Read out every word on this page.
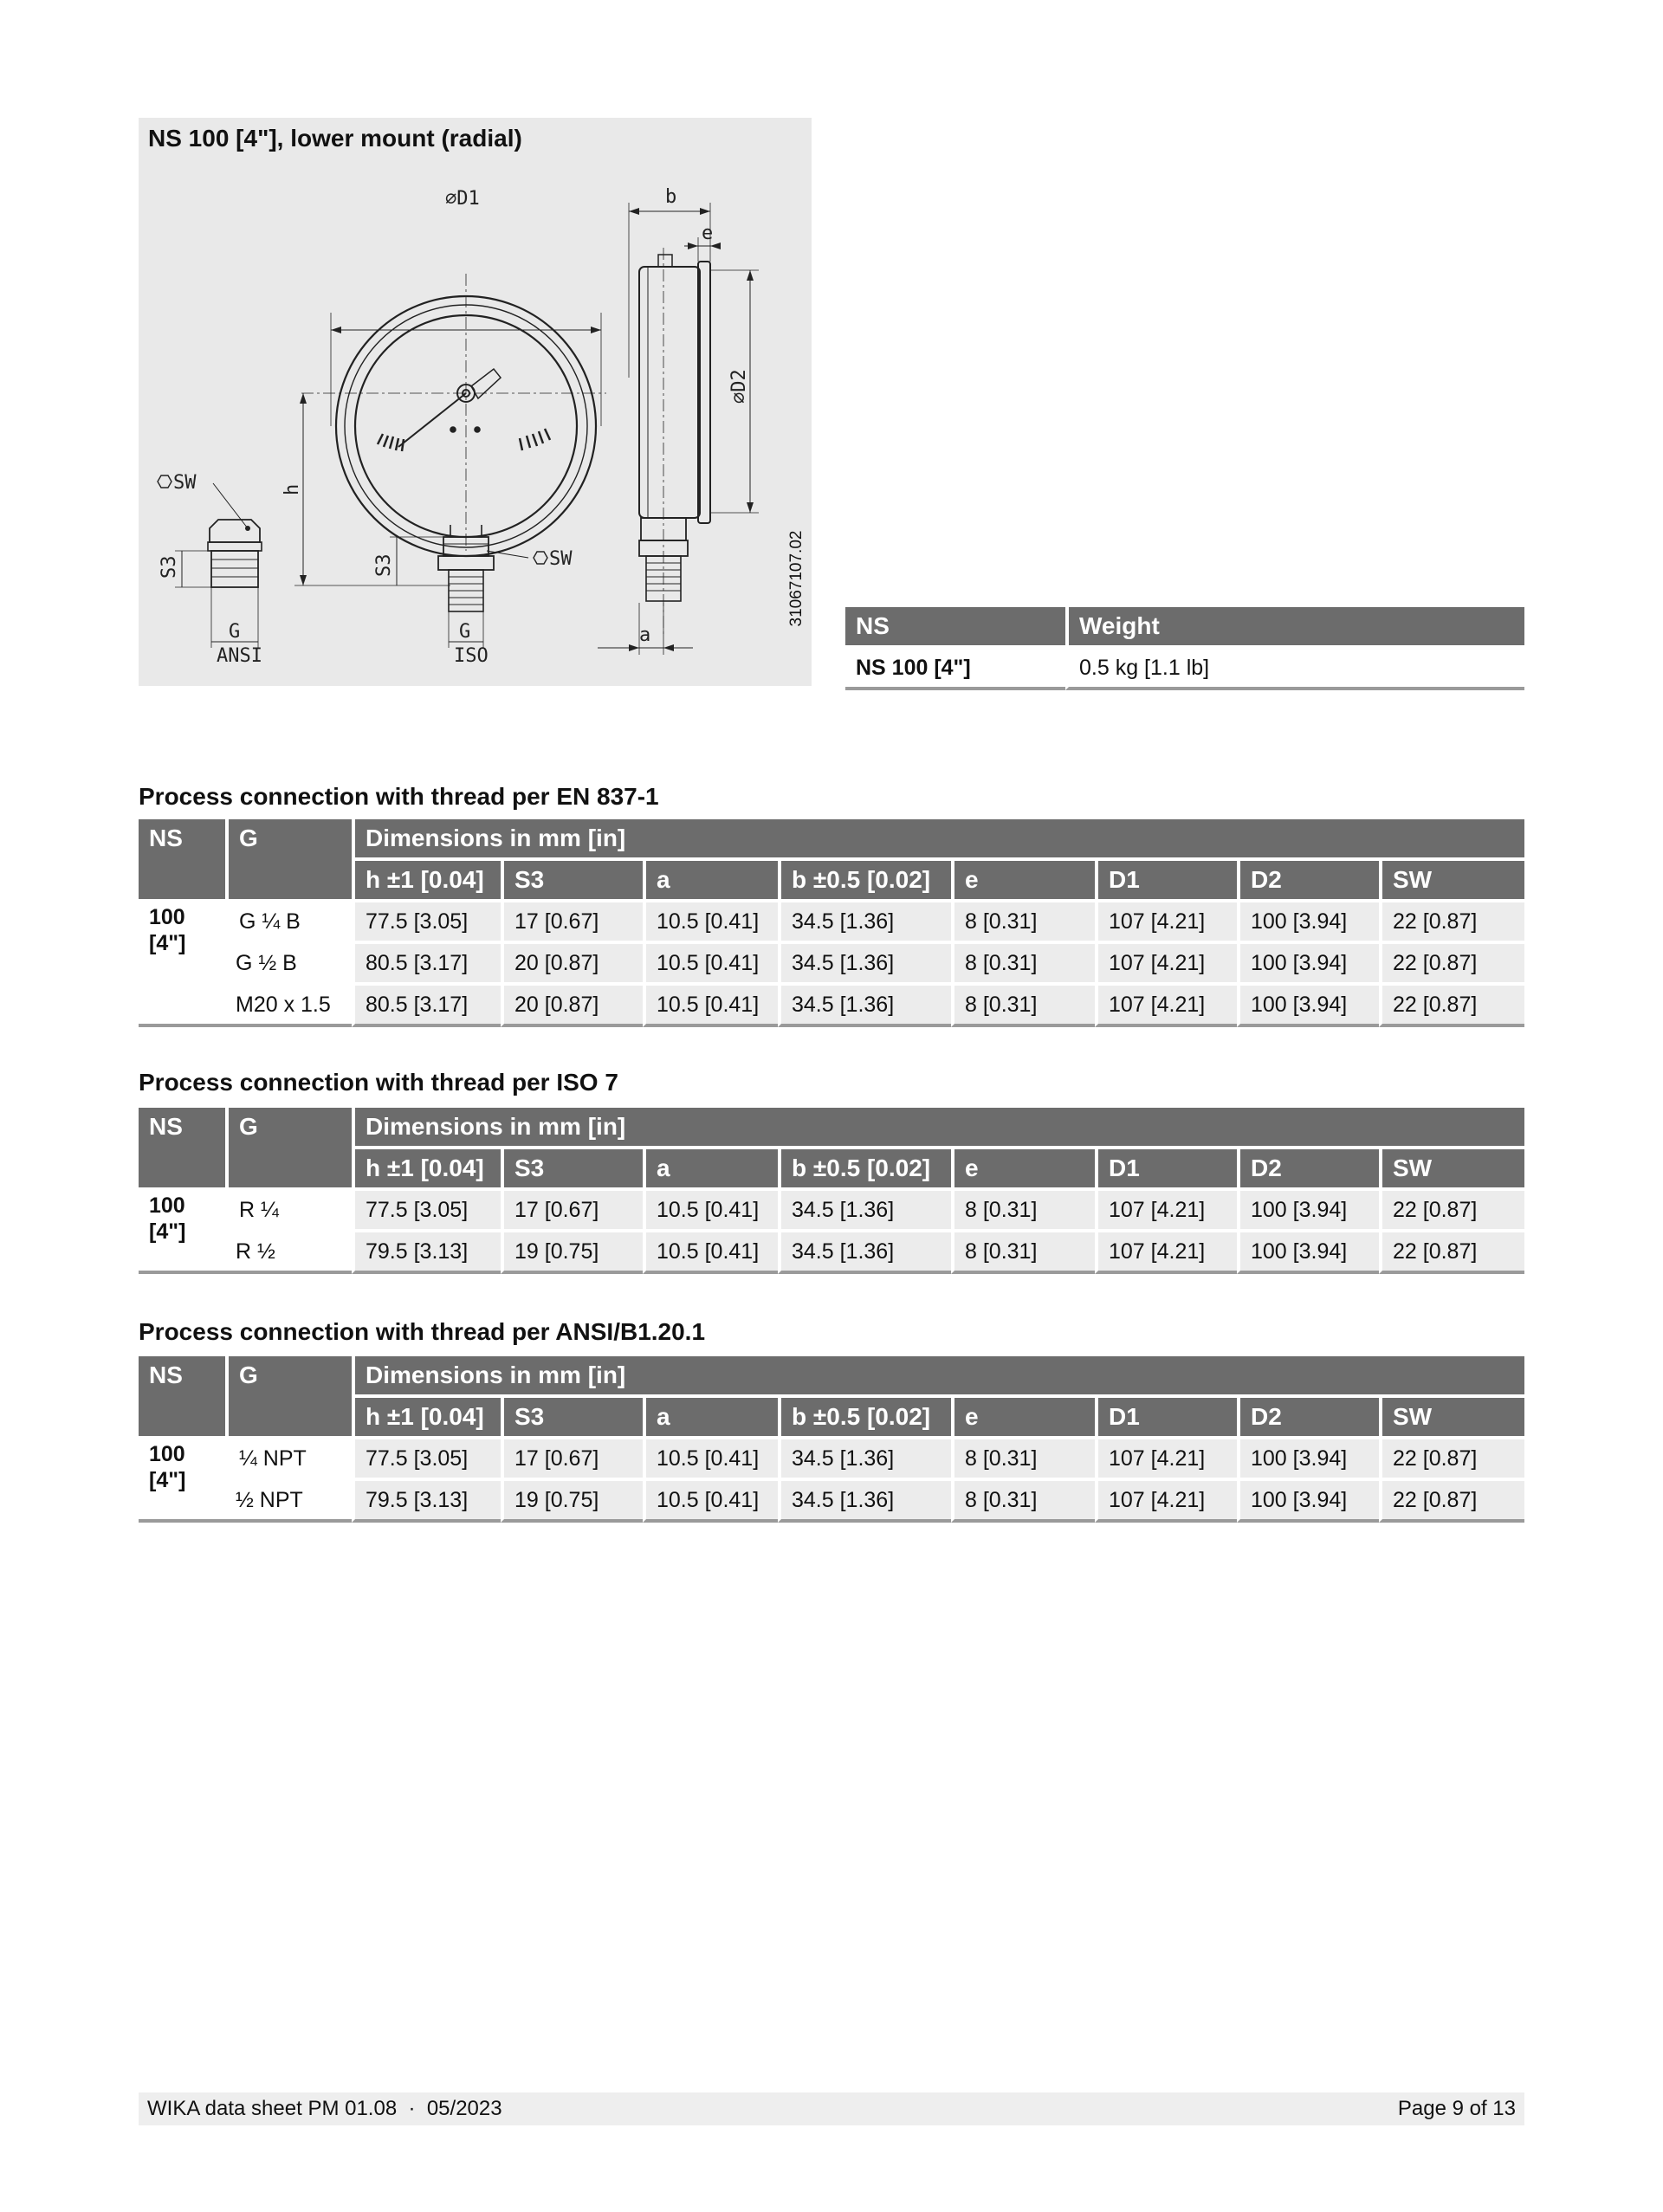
NS 100 [4"], lower mount (radial)
⌀D1	b
e
⌀D2
h
S3
S3	SW
SW
G
ISO
G
ANSI
a
31067107.02 NS	Weight
NS 100 [4"]	0.5 kg [1.1 lb]
Process connection with thread per EN 837-1
NS	G	Dimensions in mm [in]							
		h ±1 [0.04]	S3	a	b ±0.5 [0.02]	e	D1	D2	SW
100
[4"]	G ¼ B	77.5 [3.05]	17 [0.67]	10.5 [0.41]	34.5 [1.36]	8 [0.31]	107 [4.21]	100 [3.94]	22 [0.87]
	G ½ B	80.5 [3.17]	20 [0.87]	10.5 [0.41]	34.5 [1.36]	8 [0.31]	107 [4.21]	100 [3.94]	22 [0.87]
	M20 x 1.5	80.5 [3.17]	20 [0.87]	10.5 [0.41]	34.5 [1.36]	8 [0.31]	107 [4.21]	100 [3.94]	22 [0.87]
Process connection with thread per ISO 7
NS	G	Dimensions in mm [in]							
		h ±1 [0.04]	S3	a	b ±0.5 [0.02]	e	D1	D2	SW
100
[4"]	R ¼	77.5 [3.05]	17 [0.67]	10.5 [0.41]	34.5 [1.36]	8 [0.31]	107 [4.21]	100 [3.94]	22 [0.87]
	R ½	79.5 [3.13]	19 [0.75]	10.5 [0.41]	34.5 [1.36]	8 [0.31]	107 [4.21]	100 [3.94]	22 [0.87]
Process connection with thread per ANSI/B1.20.1
NS	G	Dimensions in mm [in]							
		h ±1 [0.04]	S3	a	b ±0.5 [0.02]	e	D1	D2	SW
100
[4"]	¼ NPT	77.5 [3.05]	17 [0.67]	10.5 [0.41]	34.5 [1.36]	8 [0.31]	107 [4.21]	100 [3.94]	22 [0.87]
	½ NPT	79.5 [3.13]	19 [0.75]	10.5 [0.41]	34.5 [1.36]	8 [0.31]	107 [4.21]	100 [3.94]	22 [0.87]
WIKA data sheet PM 01.08  ·  05/2023	Page 9 of 13
